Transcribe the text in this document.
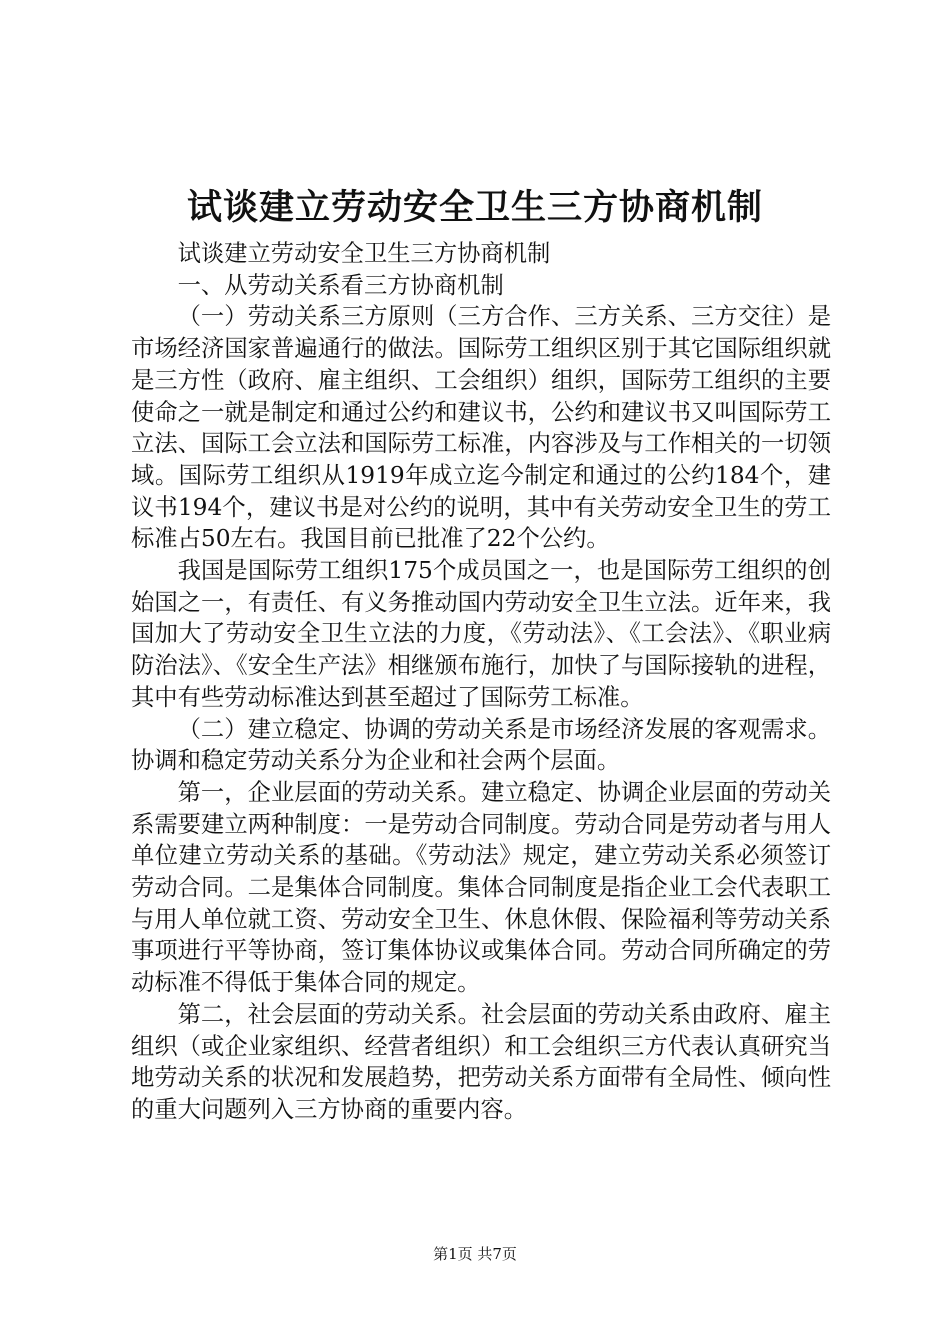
试谈建立劳动安全卫生三方协商机制

试谈建立劳动安全卫生三方协商机制

一、从劳动关系看三方协商机制

（一）劳动关系三方原则（三方合作、三方关系、三方交往）是市场经济国家普遍通行的做法。国际劳工组织区别于其它国际组织就是三方性（政府、雇主组织、工会组织）组织，国际劳工组织的主要使命之一就是制定和通过公约和建议书，公约和建议书又叫国际劳工立法、国际工会立法和国际劳工标准，内容涉及与工作相关的一切领域。国际劳工组织从1919年成立迄今制定和通过的公约184个，建议书194个，建议书是对公约的说明，其中有关劳动安全卫生的劳工标准占50左右。我国目前已批准了22个公约。

我国是国际劳工组织175个成员国之一，也是国际劳工组织的创始国之一，有责任、有义务推动国内劳动安全卫生立法。近年来，我国加大了劳动安全卫生立法的力度，《劳动法》、《工会法》、《职业病防治法》、《安全生产法》相继颁布施行，加快了与国际接轨的进程，其中有些劳动标准达到甚至超过了国际劳工标准。

（二）建立稳定、协调的劳动关系是市场经济发展的客观需求。协调和稳定劳动关系分为企业和社会两个层面。

第一，企业层面的劳动关系。建立稳定、协调企业层面的劳动关系需要建立两种制度：一是劳动合同制度。劳动合同是劳动者与用人单位建立劳动关系的基础。《劳动法》规定，建立劳动关系必须签订劳动合同。二是集体合同制度。集体合同制度是指企业工会代表职工与用人单位就工资、劳动安全卫生、休息休假、保险福利等劳动关系事项进行平等协商，签订集体协议或集体合同。劳动合同所确定的劳动标准不得低于集体合同的规定。

第二，社会层面的劳动关系。社会层面的劳动关系由政府、雇主组织（或企业家组织、经营者组织）和工会组织三方代表认真研究当地劳动关系的状况和发展趋势，把劳动关系方面带有全局性、倾向性的重大问题列入三方协商的重要内容。

第1页 共7页
